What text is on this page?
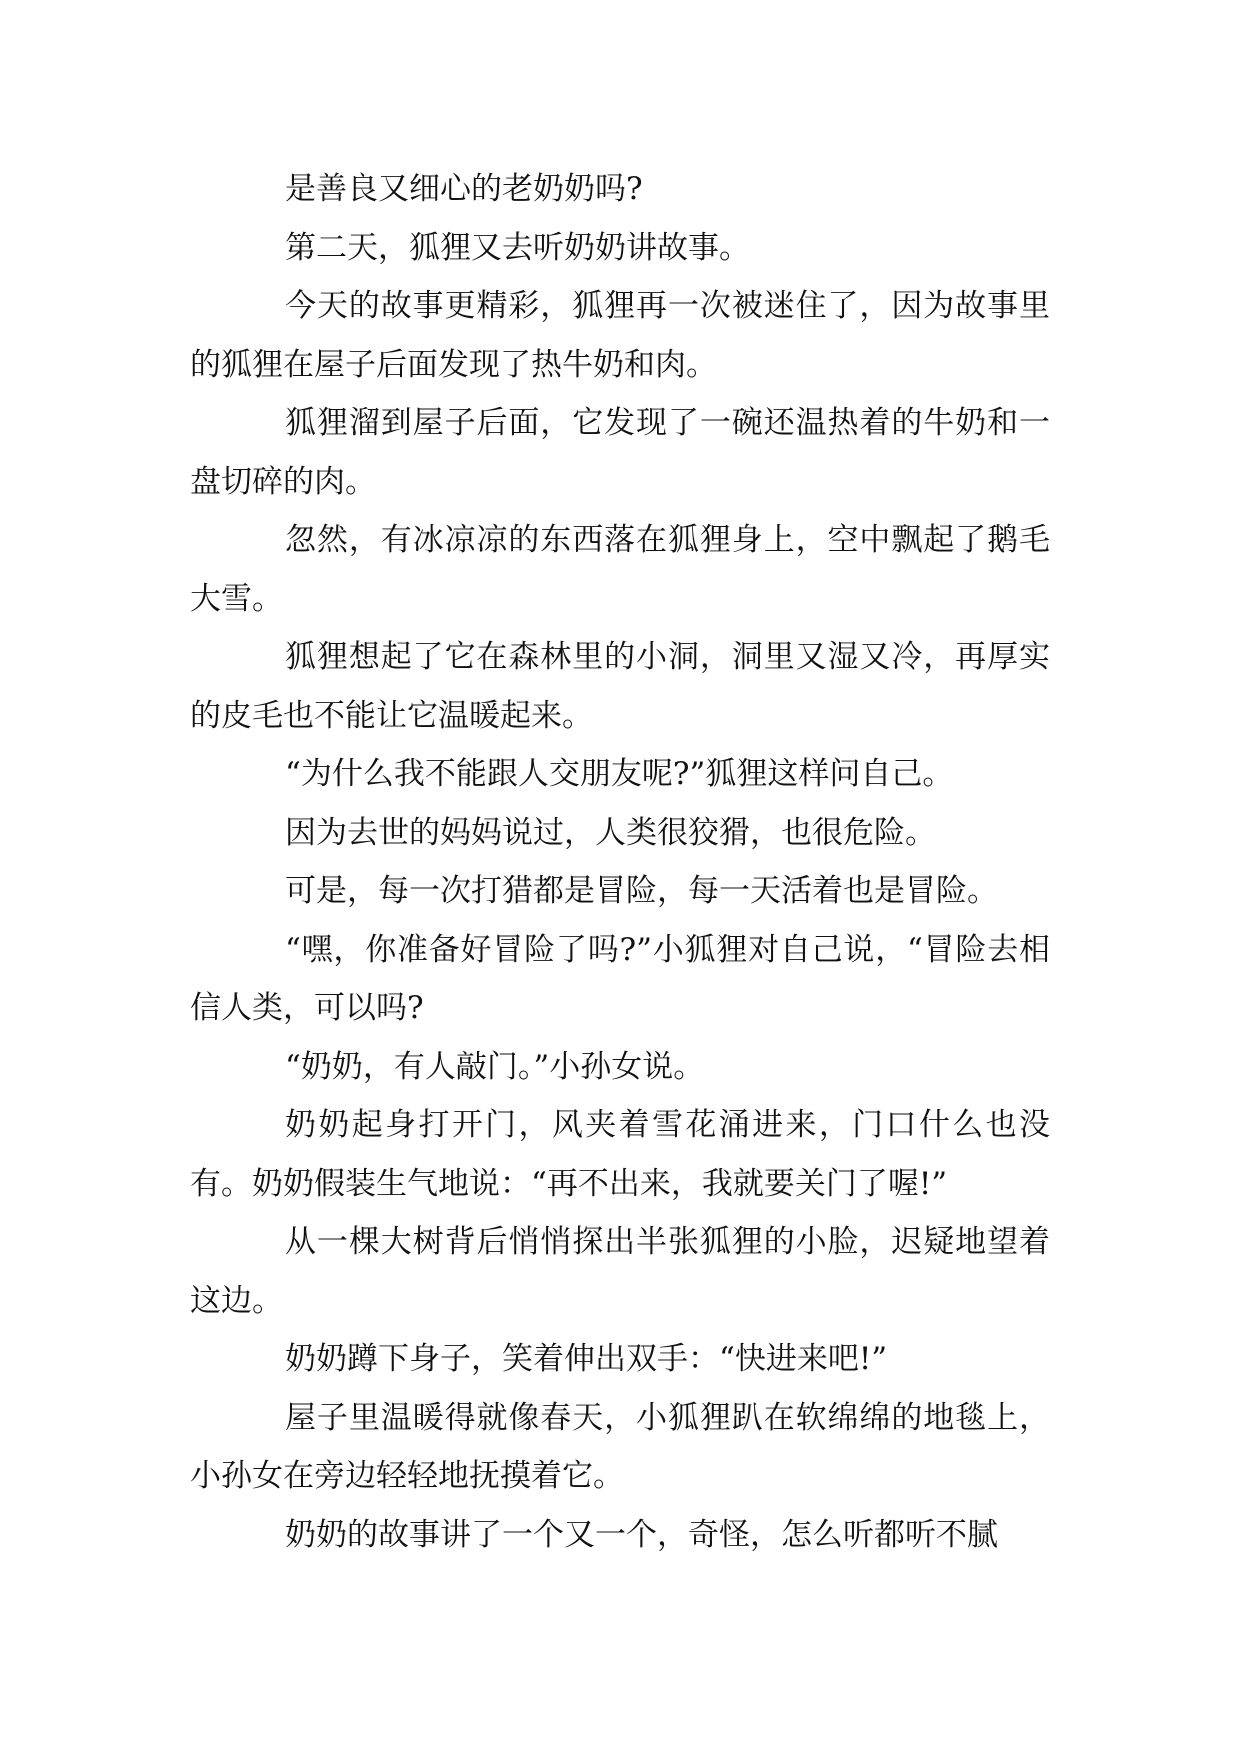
是善良又细心的老奶奶吗?

第二天，狐狸又去听奶奶讲故事。

今天的故事更精彩，狐狸再一次被迷住了，因为故事里的狐狸在屋子后面发现了热牛奶和肉。

狐狸溜到屋子后面，它发现了一碗还温热着的牛奶和一盘切碎的肉。

忽然，有冰凉凉的东西落在狐狸身上，空中飘起了鹅毛大雪。

狐狸想起了它在森林里的小洞，洞里又湿又冷，再厚实的皮毛也不能让它温暖起来。

“为什么我不能跟人交朋友呢?”狐狸这样问自己。

因为去世的妈妈说过，人类很狡猾，也很危险。

可是，每一次打猎都是冒险，每一天活着也是冒险。

“嘿，你准备好冒险了吗?”小狐狸对自己说，“冒险去相信人类，可以吗?

“奶奶，有人敲门。”小孙女说。

奶奶起身打开门，风夹着雪花涌进来，门口什么也没有。奶奶假装生气地说：“再不出来，我就要关门了喔!”

从一棵大树背后悄悄探出半张狐狸的小脸，迟疑地望着这边。

奶奶蹲下身子，笑着伸出双手：“快进来吧!”

屋子里温暖得就像春天，小狐狸趴在软绵绵的地毯上，小孙女在旁边轻轻地抚摸着它。

奶奶的故事讲了一个又一个，奇怪，怎么听都听不腻
